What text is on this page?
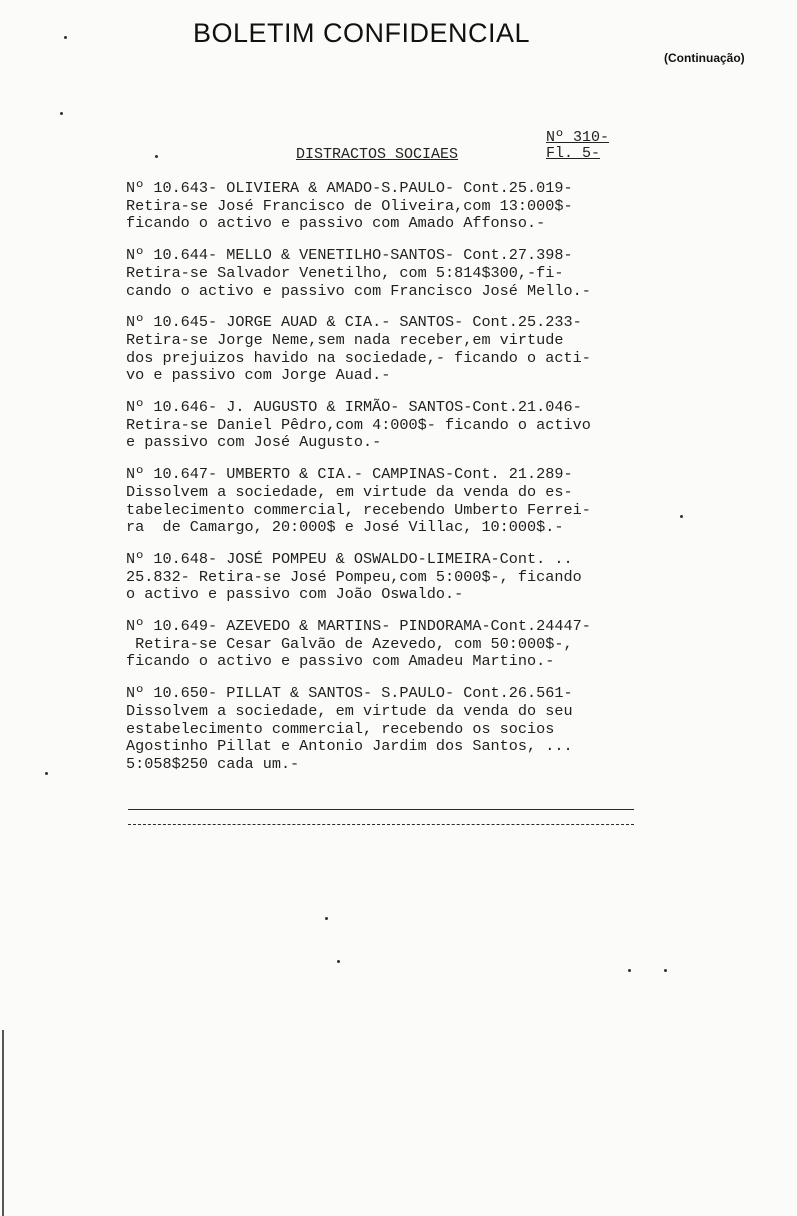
BOLETIM CONFIDENCIAL
(Continuação)
Nº 310-
Fl. 5-
DISTRACTOS SOCIAES
Nº 10.643- OLIVIERA & AMADO-S.PAULO- Cont.25.019-
Retira-se José Francisco de Oliveira,com 13:000$-
ficando o activo e passivo com Amado Affonso.-
Nº 10.644- MELLO & VENETILHO-SANTOS- Cont.27.398-
Retira-se Salvador Venetilho, com 5:814$300,-fi-
cando o activo e passivo com Francisco José Mello.-
Nº 10.645- JORGE AUAD & CIA.- SANTOS- Cont.25.233-
Retira-se Jorge Neme,sem nada receber,em virtude
dos prejuizos havido na sociedade,- ficando o acti-
vo e passivo com Jorge Auad.-
Nº 10.646- J. AUGUSTO & IRMÃO- SANTOS-Cont.21.046-
Retira-se Daniel Pêdro,com 4:000$- ficando o activo
e passivo com José Augusto.-
Nº 10.647- UMBERTO & CIA.- CAMPINAS-Cont. 21.289-
Dissolvem a sociedade, em virtude da venda do es-
tabelecimento commercial, recebendo Umberto Ferrei-
ra  de Camargo, 20:000$ e José Villac, 10:000$.-
Nº 10.648- JOSÉ POMPEU & OSWALDO-LIMEIRA-Cont. ..
25.832- Retira-se José Pompeu,com 5:000$-, ficando
o activo e passivo com João Oswaldo.-
Nº 10.649- AZEVEDO & MARTINS- PINDORAMA-Cont.24447-
Retira-se Cesar Galvão de Azevedo, com 50:000$-,
ficando o activo e passivo com Amadeu Martino.-
Nº 10.650- PILLAT & SANTOS- S.PAULO- Cont.26.561-
Dissolvem a sociedade, em virtude da venda do seu
estabelecimento commercial, recebendo os socios
Agostinho Pillat e Antonio Jardim dos Santos, ...
5:058$250 cada um.-
